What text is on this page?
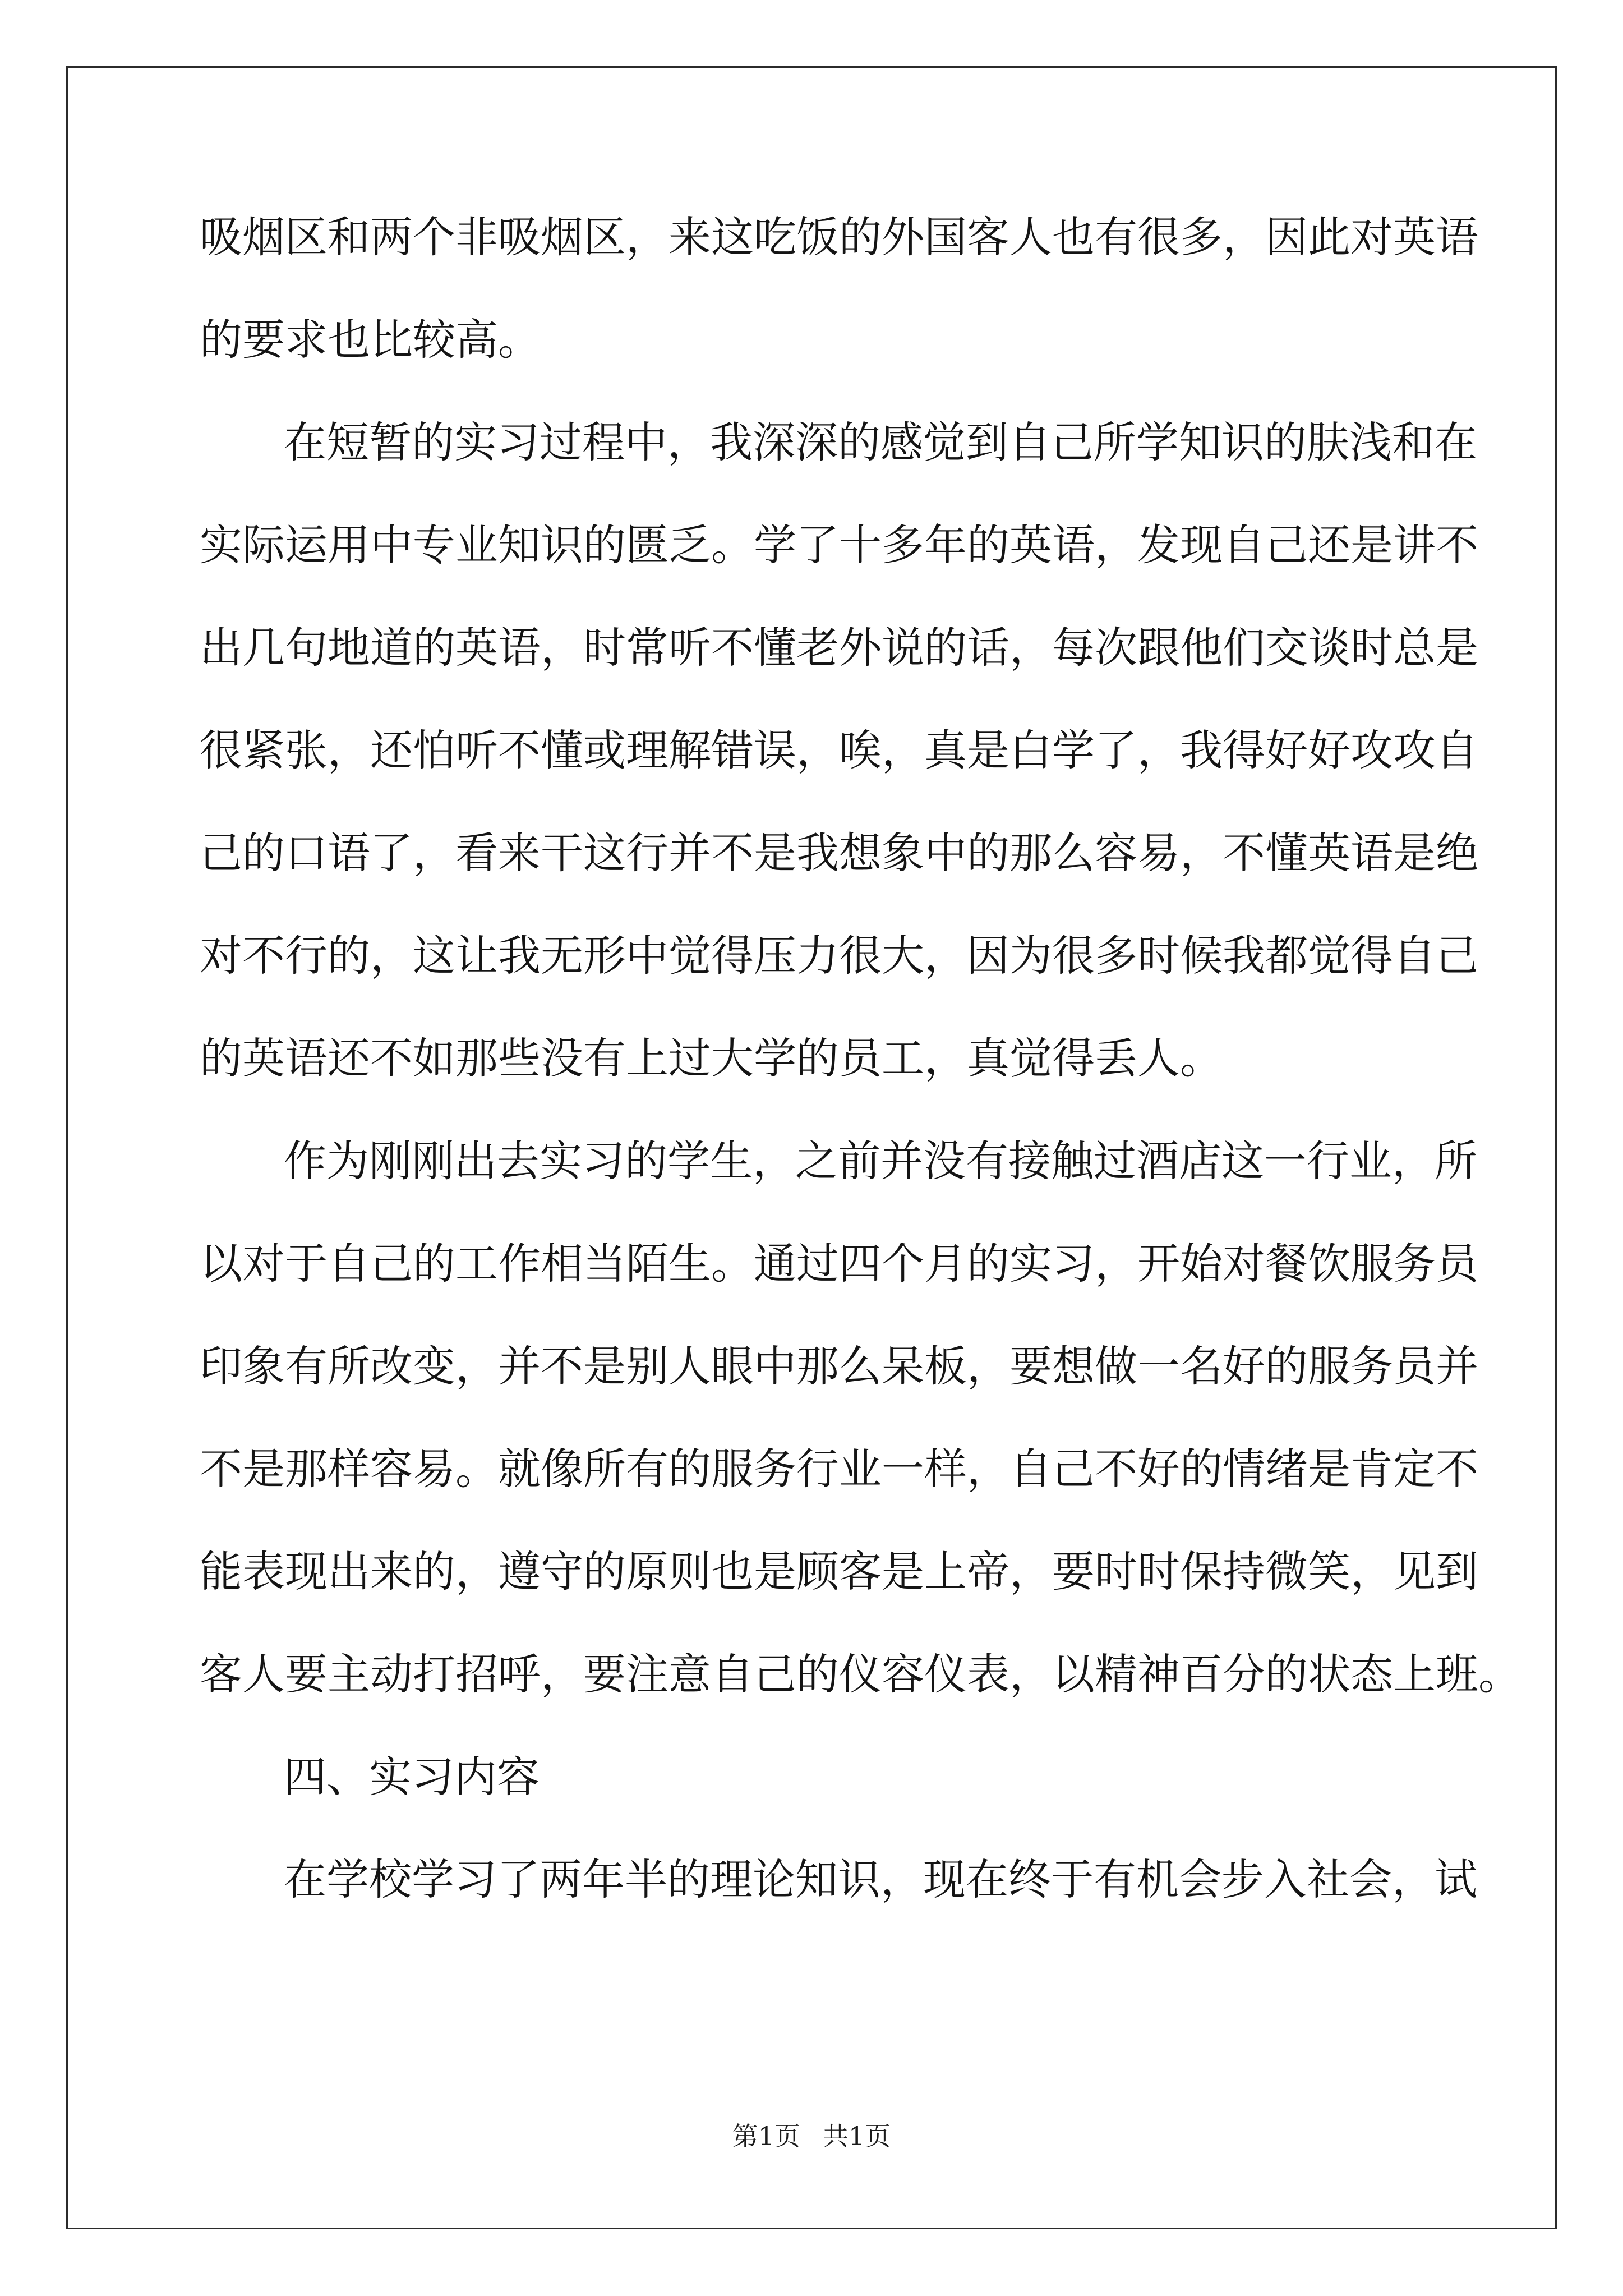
吸烟区和两个非吸烟区，来这吃饭的外国客人也有很多，因此对英语
的要求也比较高。
在短暂的实习过程中，我深深的感觉到自己所学知识的肤浅和在
实际运用中专业知识的匮乏。学了十多年的英语，发现自己还是讲不
出几句地道的英语，时常听不懂老外说的话，每次跟他们交谈时总是
很紧张，还怕听不懂或理解错误，唉，真是白学了，我得好好攻攻自
己的口语了，看来干这行并不是我想象中的那么容易，不懂英语是绝
对不行的，这让我无形中觉得压力很大，因为很多时候我都觉得自己
的英语还不如那些没有上过大学的员工，真觉得丢人。
作为刚刚出去实习的学生，之前并没有接触过酒店这一行业，所
以对于自己的工作相当陌生。通过四个月的实习，开始对餐饮服务员
印象有所改变，并不是别人眼中那么呆板，要想做一名好的服务员并
不是那样容易。就像所有的服务行业一样，自己不好的情绪是肯定不
能表现出来的，遵守的原则也是顾客是上帝，要时时保持微笑，见到
客人要主动打招呼，要注意自己的仪容仪表，以精神百分的状态上班。
四、实习内容
在学校学习了两年半的理论知识，现在终于有机会步入社会，试
第1页 共1页
